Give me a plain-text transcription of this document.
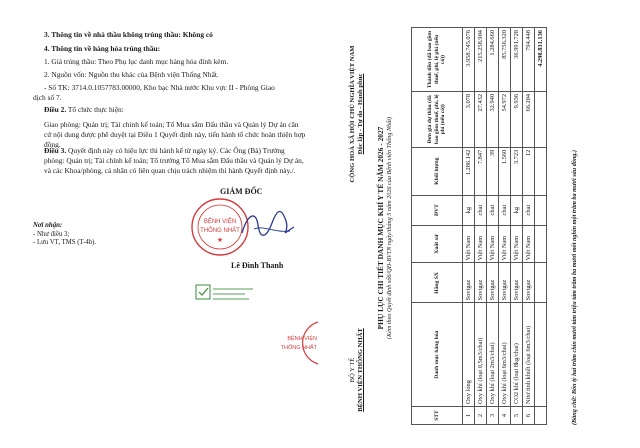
3. Thông tin về nhà thầu không trúng thầu: Không có
4. Thông tin về hàng hóa trúng thầu:
1. Giá trúng thầu: Theo Phụ lục danh mục hàng hóa đính kèm.
2. Nguồn vốn: Nguồn thu khác của Bệnh viện Thống Nhất.
- Số TK: 3714.0.1057783.00000, Kho bạc Nhà nước Khu vực II - Phòng Giao
dịch số 7.
Điều 2. Tổ chức thực hiện:
Giao phòng: Quản trị; Tài chính kế toán; Tổ Mua sắm Đấu thầu và Quản lý Dự án căn cứ nội dung được phê duyệt tại Điều 1 Quyết định này, tiến hành tổ chức hoàn thiện hợp đồng.
Điều 3. Quyết định này có hiệu lực thi hành kể từ ngày ký. Các Ông (Bà) Trưởng phòng: Quản trị; Tài chính kế toán; Tổ trưởng Tổ Mua sắm Đấu thầu và Quản lý Dự án, và các Khoa/phòng, cá nhân có liên quan chịu trách nhiệm thi hành Quyết định này./.
Nơi nhận:
- Như điều 3;
- Lưu VT, TMS (T-4b).
GIÁM ĐỐC
BỆNH VIỆN
THỐNG NHẤT
★
Lê Đình Thanh
BỆNH VIỆN
THỐNG NHẤT
BỘ Y TẾ BỆNH VIỆN THỐNG NHẤT
CỘNG HOÀ XÃ HỘI CHỦ NGHĨA VIỆT NAM Độc lập - Tự do - Hạnh phúc
PHỤ LỤC CHI TIẾT DANH MỤC KHÍ Y TẾ NĂM 2026 - 2027 (Kèm theo Quyết định số6/QĐ-BVTN ngày/tháng 5 năm 2026 của Bệnh viện Thống Nhất)
STT	Danh mục hàng hóa	Hãng SX	Xuất xứ	ĐVT	Khối lượng	Đơn giá dự thầu (đã bao gồm thuế, phí, lệ phí (nếu có))	Thành tiền (đã bao gồm thuế, phí, lệ phí (nếu có))
1	Oxy lỏng	Sovigaz	Việt Nam	kg	1.286.142	3.078	3.958.745.076
2	Oxy khí (loại 0,5m3/chai)	Sovigaz	Việt Nam	chai	7.847	27.432	215.258.904
3	Oxy khí (loại 2m3/chai)	Sovigaz	Việt Nam	chai	39	32.940	1.284.660
4	Oxy khí (loại 6m3/chai)	Sovigaz	Việt Nam	chai	1.560	54.972	85.756.320
5	CO2 khí (loại 8kg/chai)	Sovigaz	Việt Nam	kg	3.723	9.936	36.991.728
6	Nitơ tinh khiết (loại 6m3/chai)	Sovigaz	Việt Nam	chai	12	66.204	794.448
							4.298.831.136
(Bằng chữ: Bốn tỷ hai trăm chín mươi tám triệu tám trăm ba mươi mốt nghìn một trăm ba mươi sáu đồng.)
